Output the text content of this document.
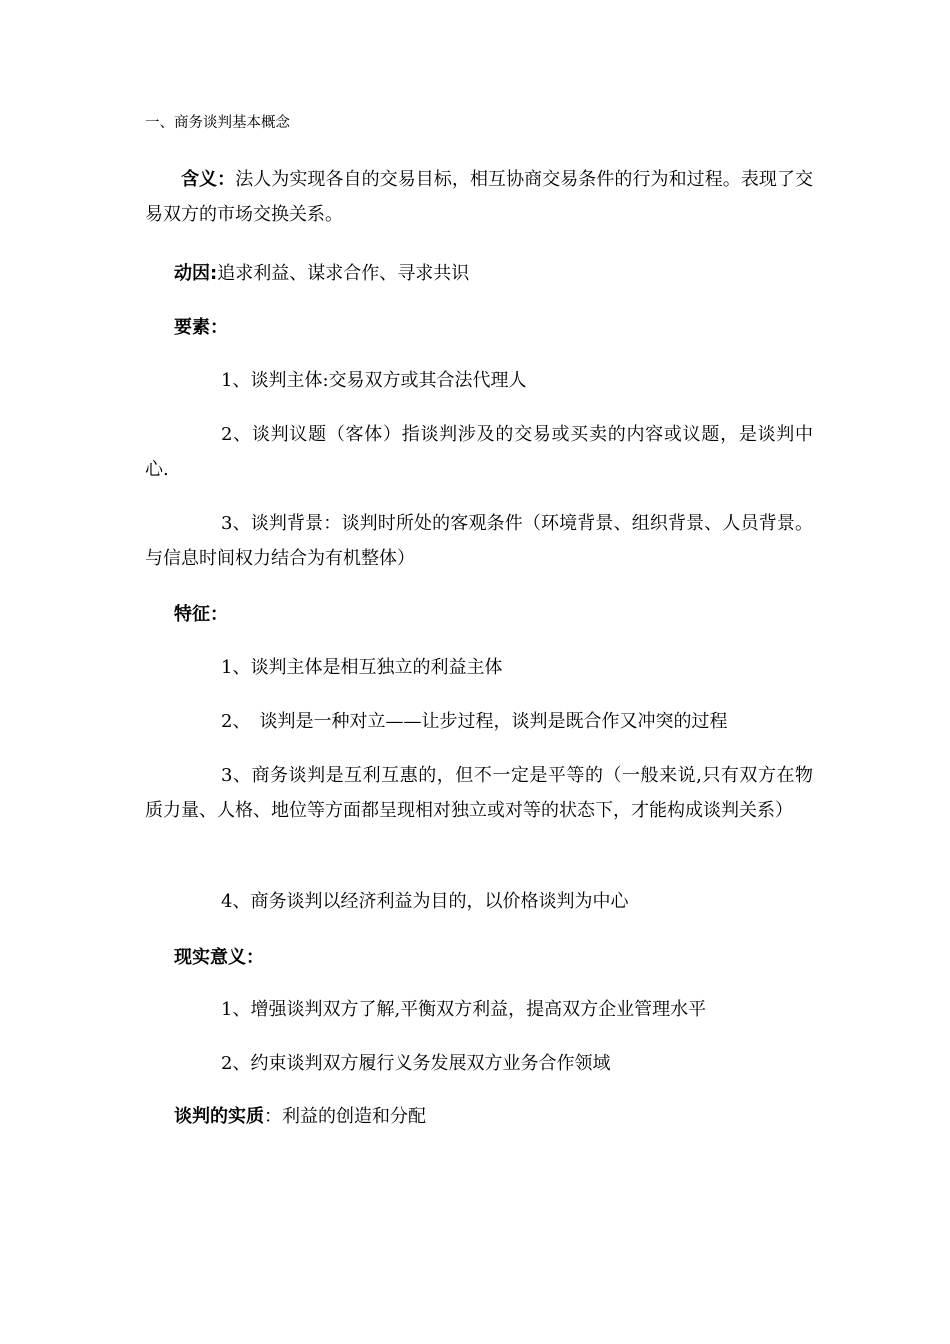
一、商务谈判基本概念

含义：法人为实现各自的交易目标，相互协商交易条件的行为和过程。表现了交易双方的市场交换关系。

动因:追求利益、谋求合作、寻求共识

要素：

1、谈判主体:交易双方或其合法代理人

2、谈判议题（客体）指谈判涉及的交易或买卖的内容或议题，是谈判中心.

3、谈判背景：谈判时所处的客观条件（环境背景、组织背景、人员背景。与信息时间权力结合为有机整体）

特征：

1、谈判主体是相互独立的利益主体

2、　谈判是一种对立——让步过程，谈判是既合作又冲突的过程

3、商务谈判是互利互惠的，但不一定是平等的（一般来说,只有双方在物质力量、人格、地位等方面都呈现相对独立或对等的状态下，才能构成谈判关系）

4、商务谈判以经济利益为目的，以价格谈判为中心

现实意义：

1、增强谈判双方了解,平衡双方利益，提高双方企业管理水平

2、约束谈判双方履行义务发展双方业务合作领域

谈判的实质：利益的创造和分配
